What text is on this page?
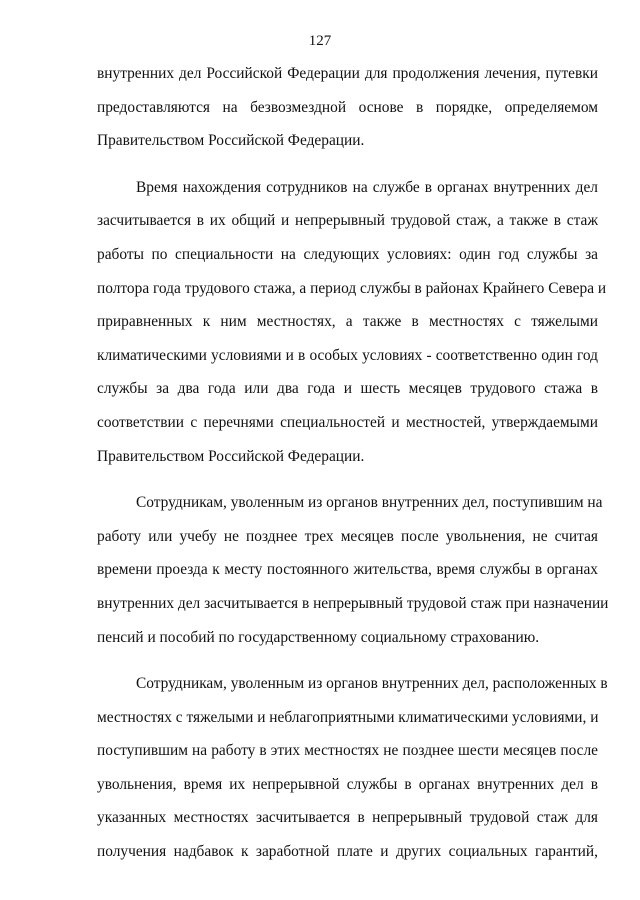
127

внутренних дел Российской Федерации для продолжения лечения, путевки
предоставляются на безвозмездной основе в порядке, определяемом
Правительством Российской Федерации.

Время нахождения сотрудников на службе в органах внутренних дел
засчитывается в их общий и непрерывный трудовой стаж, а также в стаж
работы по специальности на следующих условиях: один год службы за
полтора года трудового стажа, а период службы в районах Крайнего Севера и
приравненных к ним местностях, а также в местностях с тяжелыми
климатическими условиями и в особых условиях - соответственно один год
службы за два года или два года и шесть месяцев трудового стажа в
соответствии с перечнями специальностей и местностей, утверждаемыми
Правительством Российской Федерации.

Сотрудникам, уволенным из органов внутренних дел, поступившим на
работу или учебу не позднее трех месяцев после увольнения, не считая
времени проезда к месту постоянного жительства, время службы в органах
внутренних дел засчитывается в непрерывный трудовой стаж при назначении
пенсий и пособий по государственному социальному страхованию.

Сотрудникам, уволенным из органов внутренних дел, расположенных в
местностях с тяжелыми и неблагоприятными климатическими условиями, и
поступившим на работу в этих местностях не позднее шести месяцев после
увольнения, время их непрерывной службы в органах внутренних дел в
указанных местностях засчитывается в непрерывный трудовой стаж для
получения надбавок к заработной плате и других социальных гарантий,
